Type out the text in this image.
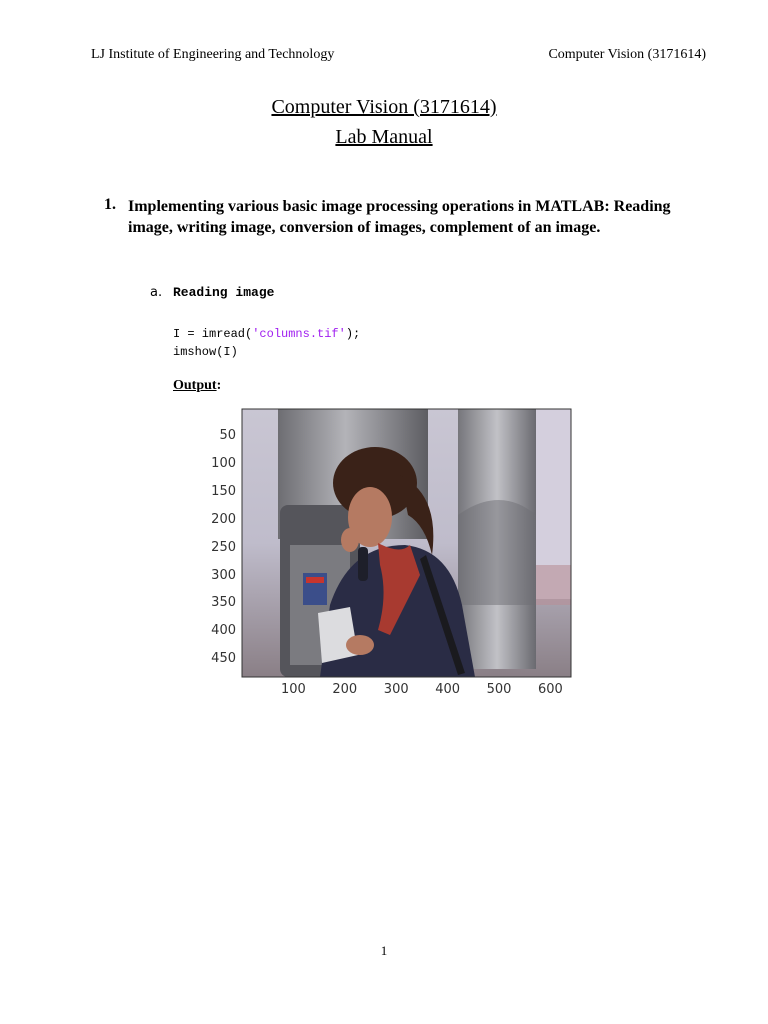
LJ Institute of Engineering and Technology	Computer Vision (3171614)
Computer Vision (3171614)
Lab Manual
1. Implementing various basic image processing operations in MATLAB: Reading image, writing image, conversion of images, complement of an image.
a. Reading image
I = imread('columns.tif');
imshow(I)
Output:
50
100
150
200
250
300
350
400
450
100	200	300	400	500	600
1
